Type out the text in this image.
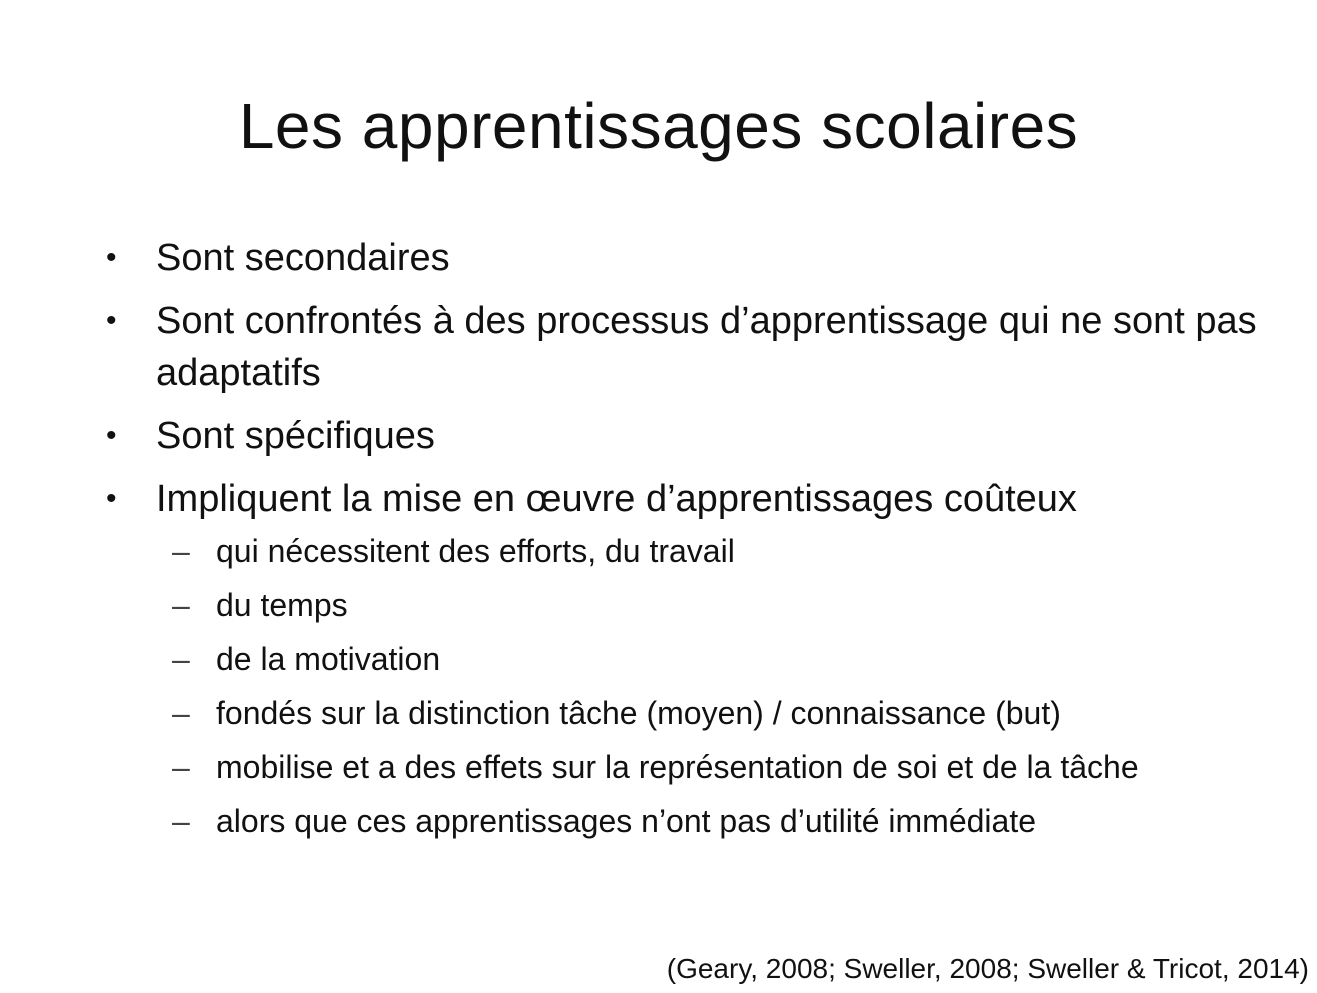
Les apprentissages scolaires
•	Sont secondaires
•	Sont confrontés à des processus d’apprentissage qui ne sont pas adaptatifs
•	Sont spécifiques
•	Impliquent la mise en œuvre d’apprentissages coûteux
– qui nécessitent des efforts, du travail
– du temps
– de la motivation
– fondés sur la distinction tâche (moyen) / connaissance (but)
– mobilise et a des effets sur la représentation de soi et de la tâche
– alors que ces apprentissages n’ont pas d’utilité immédiate
(Geary, 2008; Sweller, 2008; Sweller & Tricot, 2014)
